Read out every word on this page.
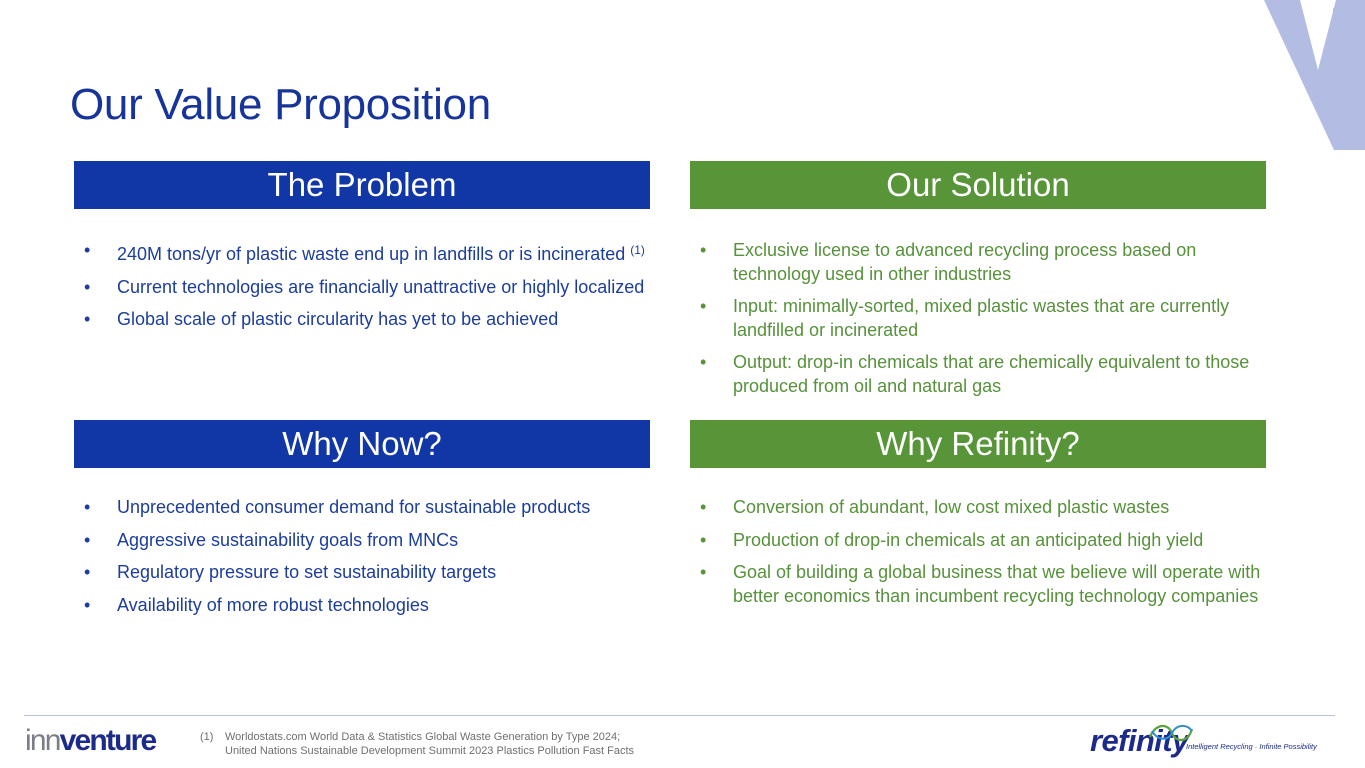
Our Value Proposition
The Problem	Our Solution
• 240M tons/yr of plastic waste end up in landfills or is incinerated $^{(1)}$
• Current technologies are financially unattractive or highly localized
• Global scale of plastic circularity has yet to be achieved
• Exclusive license to advanced recycling process based on technology used in other industries
• Input: minimally-sorted, mixed plastic wastes that are currently landfilled or incinerated
• Output: drop-in chemicals that are chemically equivalent to those produced from oil and natural gas
Why Now?	Why Refinity?
• Unprecedented consumer demand for sustainable products
• Aggressive sustainability goals from MNCs
• Regulatory pressure to set sustainability targets
• Availability of more robust technologies
• Conversion of abundant, low cost mixed plastic wastes
• Production of drop-in chemicals at an anticipated high yield
• Goal of building a global business that we believe will operate with better economics than incumbent recycling technology companies
innventure	(1) Worldostats.com World Data & Statistics Global Waste Generation by Type 2024;
United Nations Sustainable Development Summit 2023 Plastics Pollution Fast Facts	refinity
Intelligent Recycling · Infinite Possibility
